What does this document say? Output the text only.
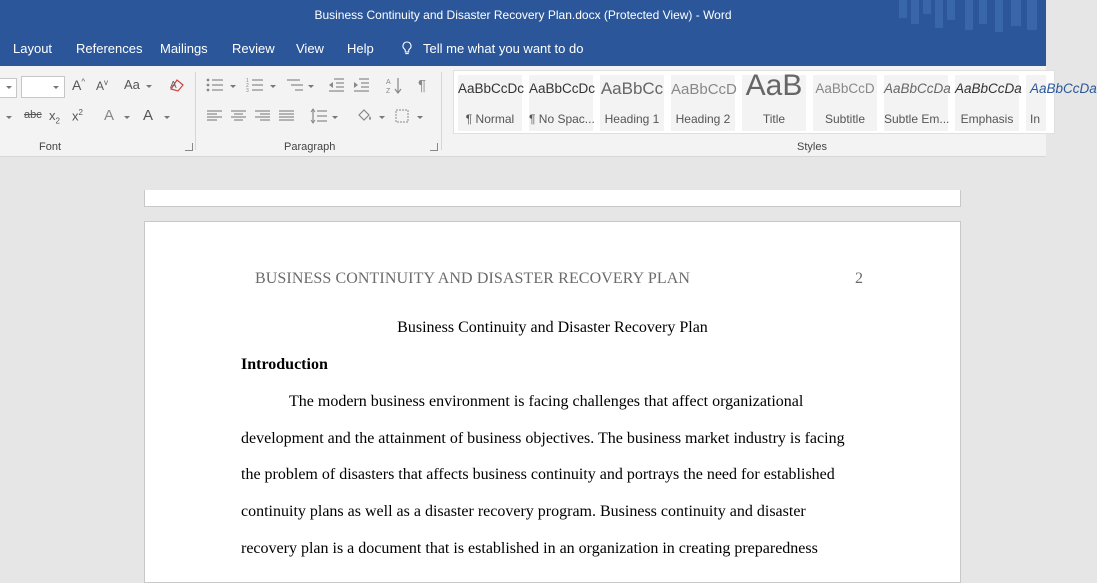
Business Continuity and Disaster Recovery Plan.docx (Protected View) - Word
Layout References Mailings Review View Help	Tell me what you want to do
A^ $A^v$ Aa	A
abc $x_2$ $x^2$ A A
Font
1
2
3
A
Z ¶
Paragraph
AaBbCcDc
¶ Normal
AaBbCcDc
¶ No Spac...
AaBbCc
Heading 1
AaBbCcD
Heading 2
AaB
Title
AaBbCcD
Subtitle
AaBbCcDa
Subtle Em...
AaBbCcDa
Emphasis
AaBbCcDa
In
Styles
BUSINESS CONTINUITY AND DISASTER RECOVERY PLAN	2
Business Continuity and Disaster Recovery Plan
Introduction
The modern business environment is facing challenges that affect organizational
development and the attainment of business objectives. The business market industry is facing
the problem of disasters that affects business continuity and portrays the need for established
continuity plans as well as a disaster recovery program. Business continuity and disaster
recovery plan is a document that is established in an organization in creating preparedness
